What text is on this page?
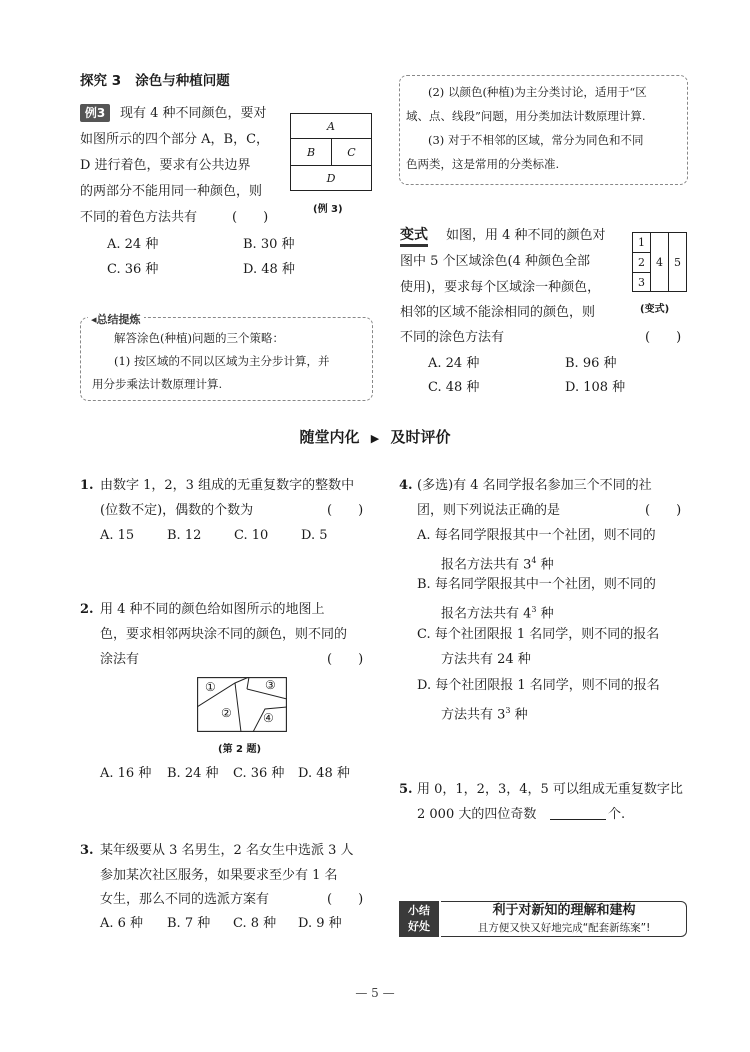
探究 3 涂色与种植问题
例3	现有 4 种不同颜色，要对
如图所示的四个部分 A，B，C，
D 进行着色，要求有公共边界
的两部分不能用同一种颜色，则
不同的着色方法共有	(　　)
A. 24 种	B. 30 种
C. 36 种	D. 48 种
A
B	C
D
(例 3)
◂总结提炼
解答涂色(种植)问题的三个策略：
(1) 按区域的不同以区域为主分步计算，并
用分步乘法计数原理计算.
(2) 以颜色(种植)为主分类讨论，适用于“区
域、点、线段”问题，用分类加法计数原理计算.
(3) 对于不相邻的区域，常分为同色和不同
色两类，这是常用的分类标准.
变式 如图，用 4 种不同的颜色对
图中 5 个区域涂色(4 种颜色全部
使用)，要求每个区域涂一种颜色，
相邻的区域不能涂相同的颜色，则
不同的涂色方法有	(　　)
A. 24 种	B. 96 种
C. 48 种	D. 108 种
1
2
3
4	5
(变式)
随堂内化 ▶ 及时评价
1. 由数字 1，2，3 组成的无重复数字的整数中
(位数不定)，偶数的个数为	(　　)
A. 15	B. 12	C. 10	D. 5
2. 用 4 种不同的颜色给如图所示的地图上
色，要求相邻两块涂不同的颜色，则不同的
涂法有	(　　)
①
②
③
④
(第 2 题)
A. 16 种 B. 24 种 C. 36 种 D. 48 种
3. 某年级要从 3 名男生，2 名女生中选派 3 人
参加某次社区服务，如果要求至少有 1 名
女生，那么不同的选派方案有	(　　)
A. 6 种 B. 7 种 C. 8 种 D. 9 种
4. (多选)有 4 名同学报名参加三个不同的社
团，则下列说法正确的是	(　　)
A. 每名同学限报其中一个社团，则不同的
报名方法共有 $3^4$ 种
B. 每名同学限报其中一个社团，则不同的
报名方法共有 $4^3$ 种
C. 每个社团限报 1 名同学，则不同的报名
方法共有 24 种
D. 每个社团限报 1 名同学，则不同的报名
方法共有 $3^3$ 种
5. 用 0，1，2，3，4，5 可以组成无重复数字比
2 000 大的四位奇数	个.
小结
好处
利于对新知的理解和建构
且方便又快又好地完成“配套新练案”!
— 5 —
